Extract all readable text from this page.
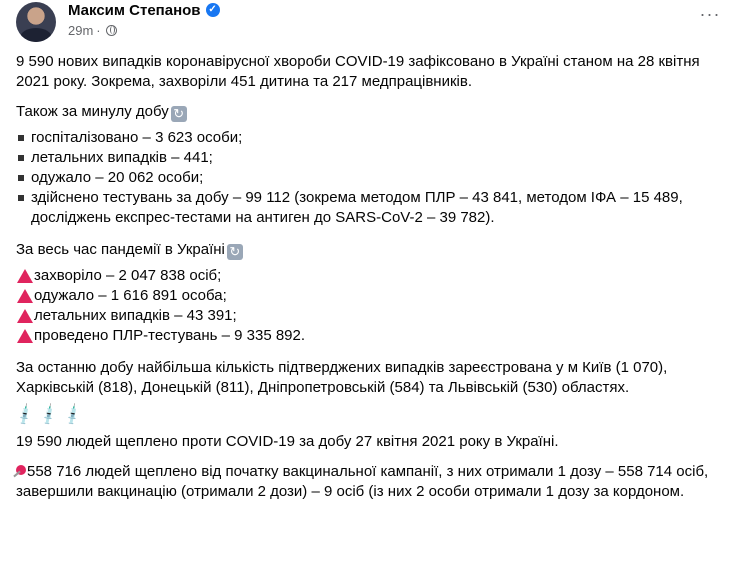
Максим Степанов ✓
29m ·
···

9 590 нових випадків коронавірусної хвороби COVID-19 зафіксовано в Україні станом на 28 квітня 2021 року. Зокрема, захворіли 451 дитина та 217 медпрацівників.

Також за минулу добу ↻

госпіталізовано – 3 623 особи;
летальних випадків – 441;
одужало – 20 062 особи;
здійснено тестувань за добу – 99 112 (зокрема методом ПЛР – 43 841, методом ІФА – 15 489, досліджень експрес-тестами на антиген до SARS-CoV-2 – 39 782).

За весь час пандемії в Україні ↻

захворіло – 2 047 838 осіб;
одужало – 1 616 891 особа;
летальних випадків – 43 391;
проведено ПЛР-тестувань – 9 335 892.

За останню добу найбільша кількість підтверджених випадків зареєстрована у м Київ (1 070), Харківській (818), Донецькій (811), Дніпропетровській (584) та Львівській (530) областях.

💉
💉
💉

19 590 людей щеплено проти COVID-19 за добу 27 квітня 2021 року в Україні.

558 716 людей щеплено від початку вакцинальної кампанії, з них отримали 1 дозу – 558 714 осіб, завершили вакцинацію (отримали 2 дози) – 9 осіб (із них 2 особи отримали 1 дозу за кордоном.
